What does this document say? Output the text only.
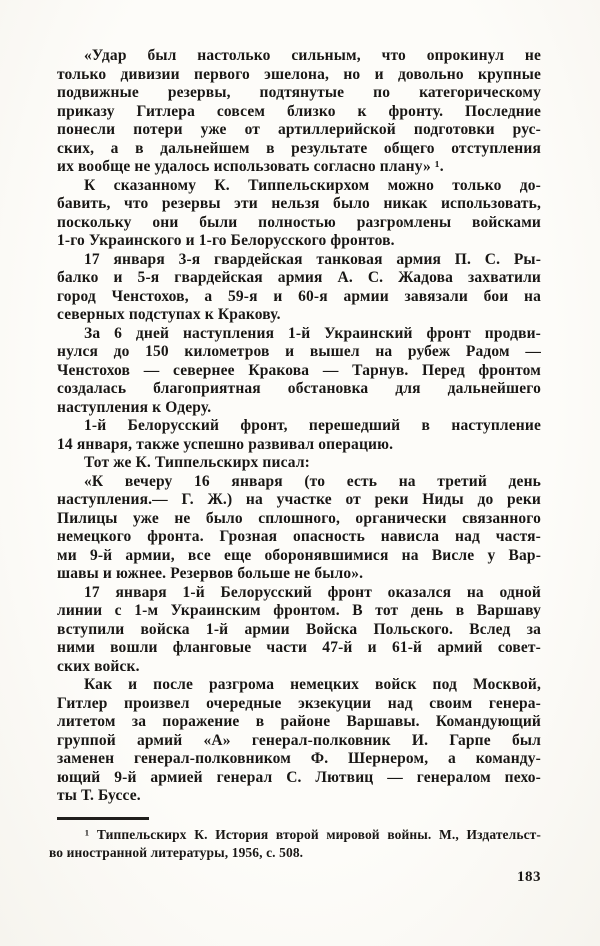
«Удар был настолько сильным, что опрокинул не
только дивизии первого эшелона, но и довольно крупные
подвижные резервы, подтянутые по категорическому
приказу Гитлера совсем близко к фронту. Последние
понесли потери уже от артиллерийской подготовки рус-
ских, а в дальнейшем в результате общего отступления
их вообще не удалось использовать согласно плану» ¹.
К сказанному К. Типпельскирхом можно только до-
бавить, что резервы эти нельзя было никак использовать,
поскольку они были полностью разгромлены войсками
1-го Украинского и 1-го Белорусского фронтов.
17 января 3-я гвардейская танковая армия П. С. Ры-
балко и 5-я гвардейская армия А. С. Жадова захватили
город Ченстохов, а 59-я и 60-я армии завязали бои на
северных подступах к Кракову.
За 6 дней наступления 1-й Украинский фронт продви-
нулся до 150 километров и вышел на рубеж Радом —
Ченстохов — севернее Кракова — Тарнув. Перед фронтом
создалась благоприятная обстановка для дальнейшего
наступления к Одеру.
1-й Белорусский фронт, перешедший в наступление
14 января, также успешно развивал операцию.
Тот же К. Типпельскирх писал:
«К вечеру 16 января (то есть на третий день
наступления.— Г. Ж.) на участке от реки Ниды до реки
Пилицы уже не было сплошного, органически связанного
немецкого фронта. Грозная опасность нависла над частя-
ми 9-й армии, все еще оборонявшимися на Висле у Вар-
шавы и южнее. Резервов больше не было».
17 января 1-й Белорусский фронт оказался на одной
линии с 1-м Украинским фронтом. В тот день в Варшаву
вступили войска 1-й армии Войска Польского. Вслед за
ними вошли фланговые части 47-й и 61-й армий совет-
ских войск.
Как и после разгрома немецких войск под Москвой,
Гитлер произвел очередные экзекуции над своим генера-
литетом за поражение в районе Варшавы. Командующий
группой армий «А» генерал-полковник И. Гарпе был
заменен генерал-полковником Ф. Шернером, а команду-
ющий 9-й армией генерал С. Лютвиц — генералом пехо-
ты Т. Буссе.
¹ Типпельскирх К. История второй мировой войны. М., Издательст-
во иностранной литературы, 1956, с. 508.
183
